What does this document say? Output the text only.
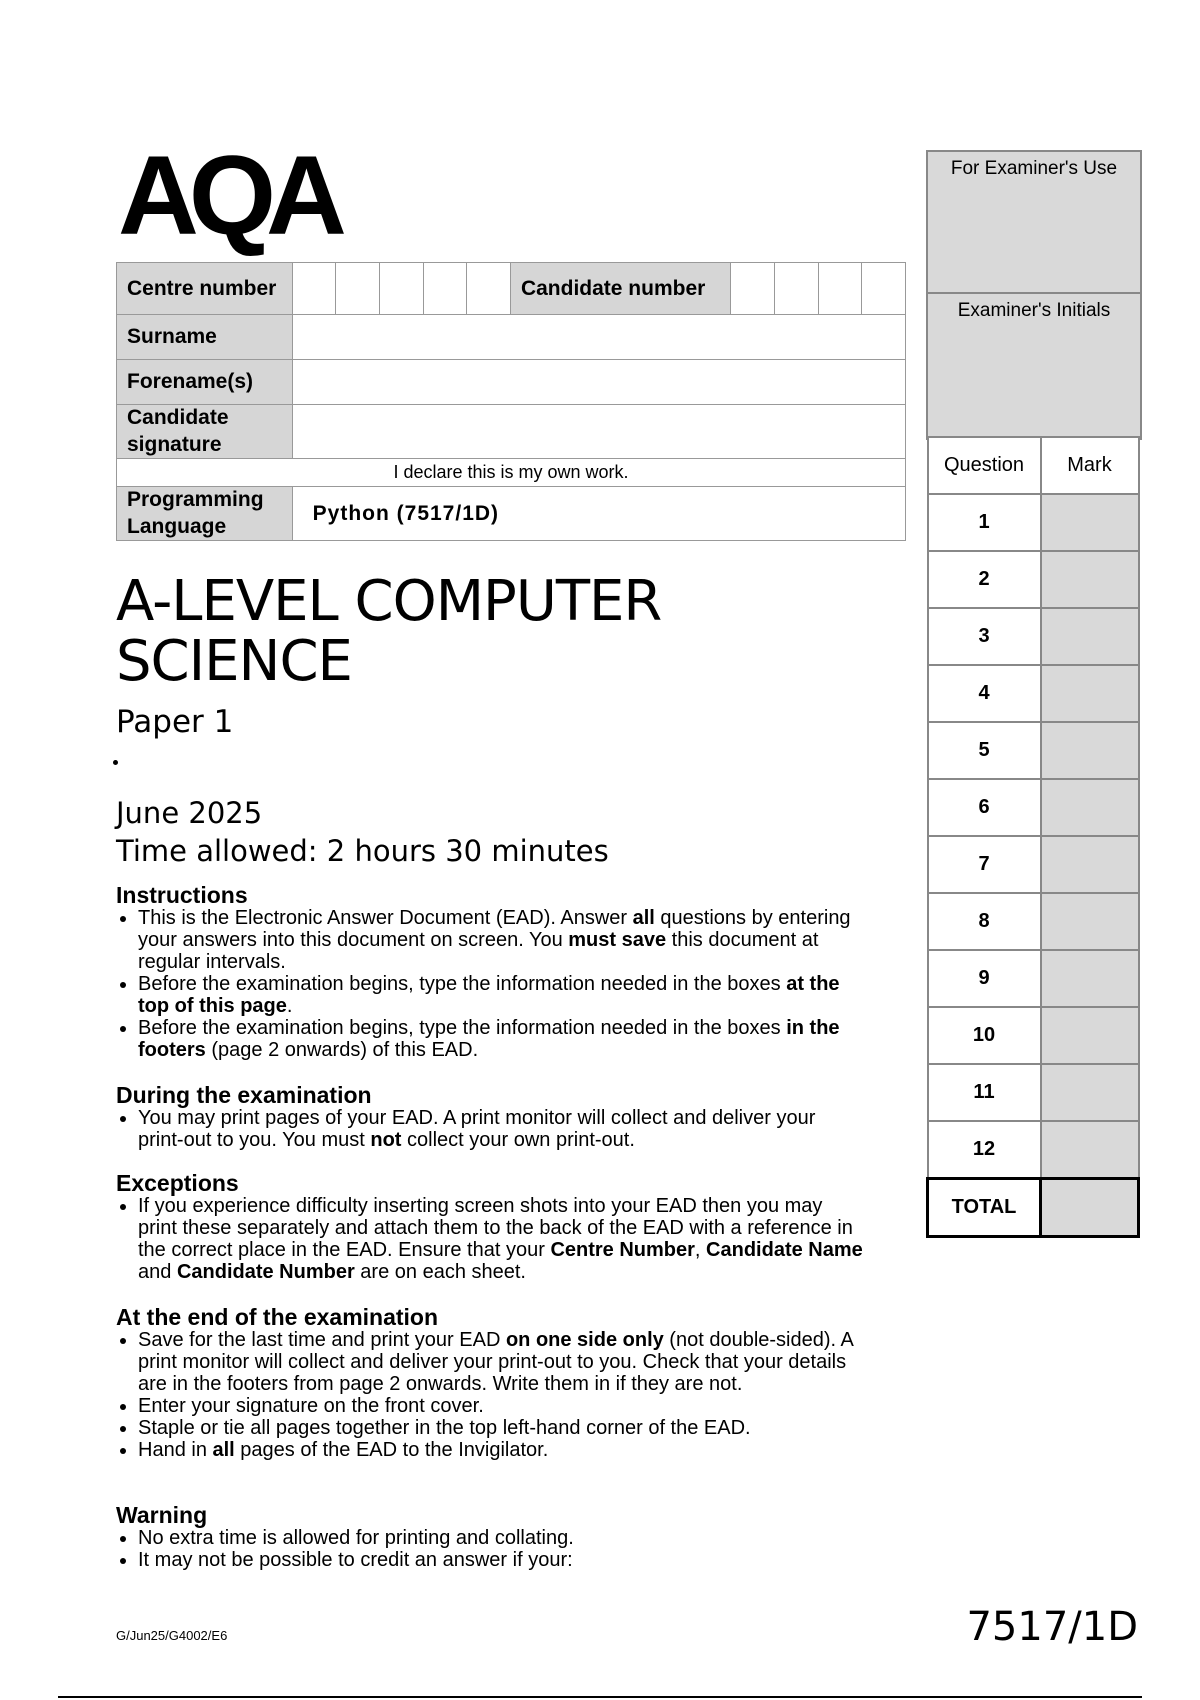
AQA
Centre number						Candidate number				
Surname										
Forename(s)										
Candidate signature										
I declare this is my own work.										
Programming Language	Python (7517/1D)									
For Examiner's Use
Examiner's Initials
Question	Mark
1	
2	
3	
4	
5	
6	
7	
8	
9	
10	
11	
12	
TOTAL	
A-LEVEL COMPUTER
SCIENCE
Paper 1
June 2025
Time allowed: 2 hours 30 minutes
Instructions
• This is the Electronic Answer Document (EAD). Answer all questions by entering your answers into this document on screen. You must save this document at regular intervals.
• Before the examination begins, type the information needed in the boxes at the top of this page.
• Before the examination begins, type the information needed in the boxes in the footers (page 2 onwards) of this EAD.
During the examination
• You may print pages of your EAD. A print monitor will collect and deliver your print-out to you. You must not collect your own print-out.
Exceptions
• If you experience difficulty inserting screen shots into your EAD then you may print these separately and attach them to the back of the EAD with a reference in the correct place in the EAD. Ensure that your Centre Number, Candidate Name and Candidate Number are on each sheet.
At the end of the examination
• Save for the last time and print your EAD on one side only (not double-sided). A print monitor will collect and deliver your print-out to you. Check that your details are in the footers from page 2 onwards. Write them in if they are not.
• Enter your signature on the front cover.
• Staple or tie all pages together in the top left-hand corner of the EAD.
• Hand in all pages of the EAD to the Invigilator.
Warning
• No extra time is allowed for printing and collating.
• It may not be possible to credit an answer if your:
G/Jun25/G4002/E6	7517/1D
